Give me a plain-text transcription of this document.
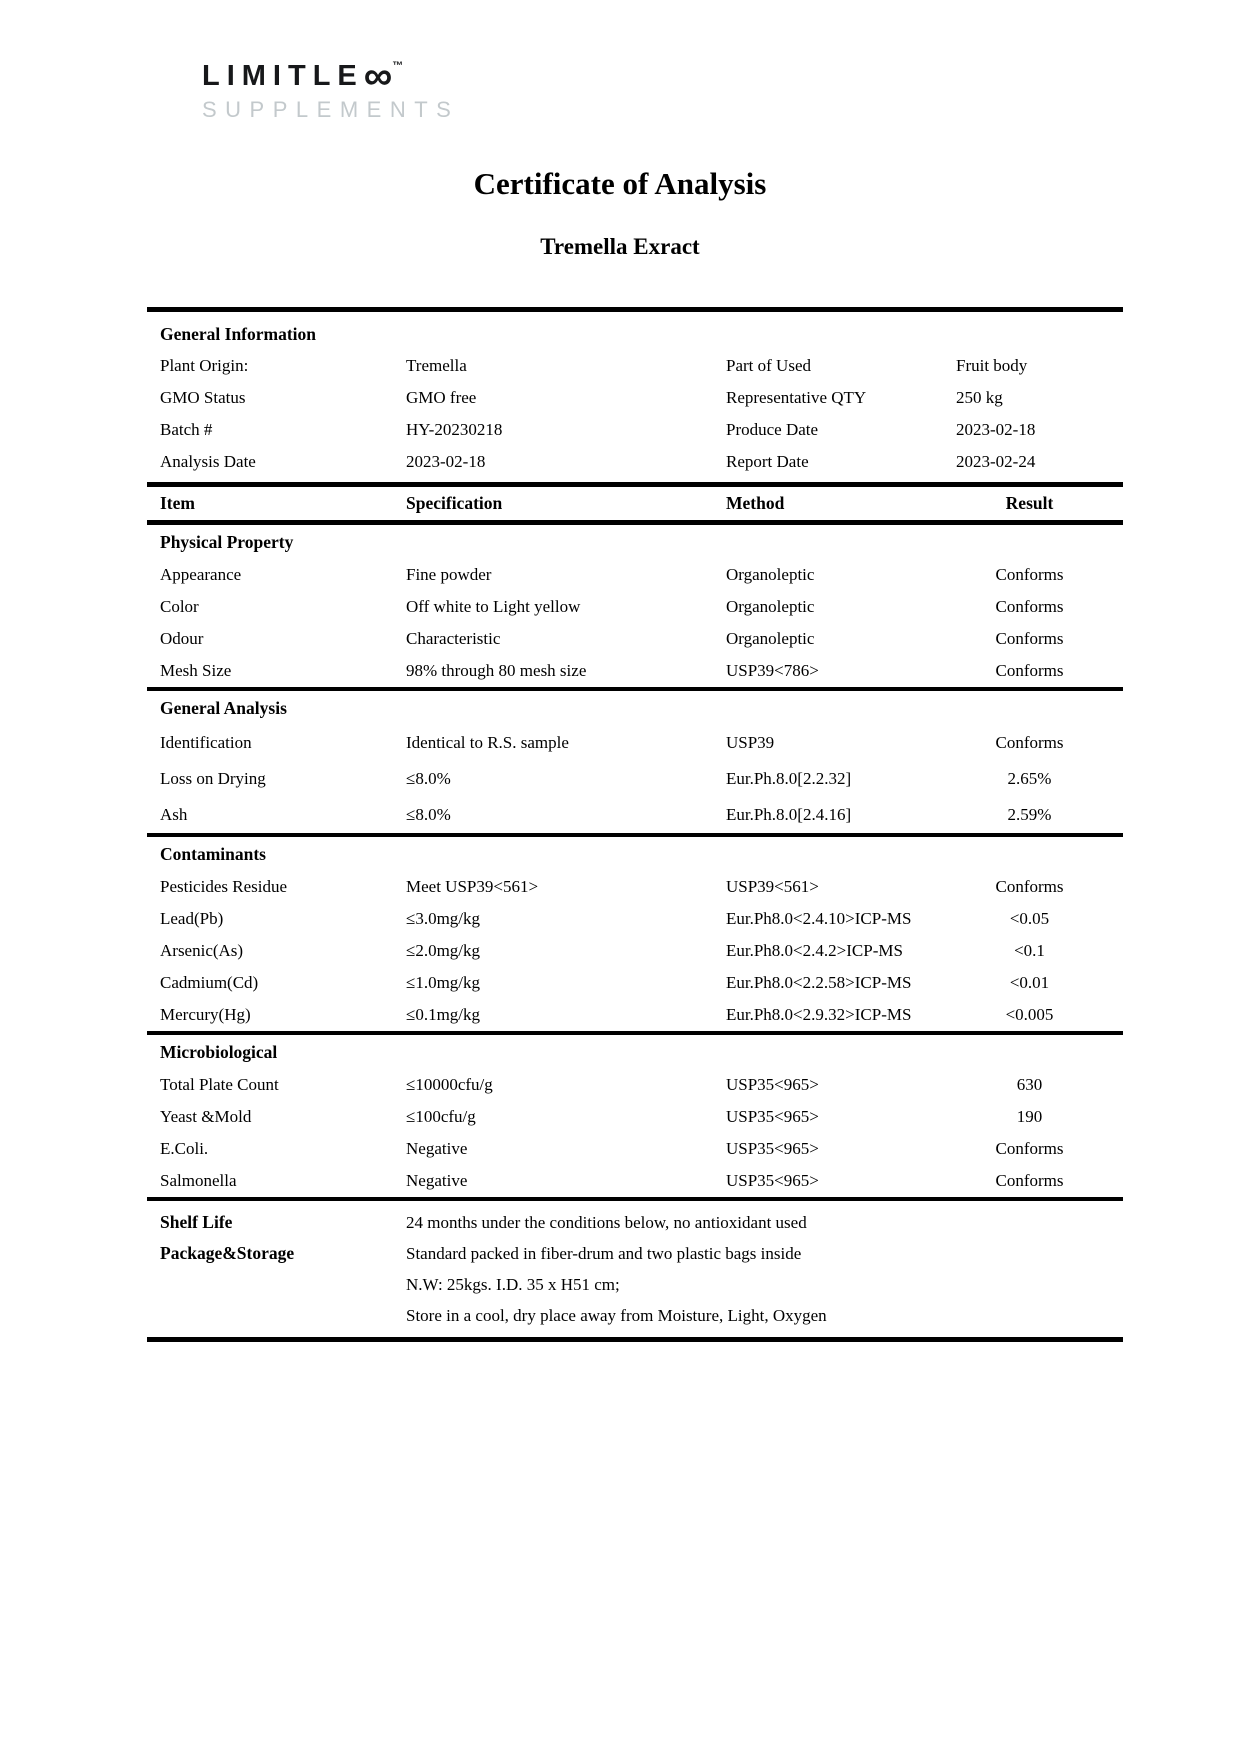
LIMITLE∞™
SUPPLEMENTS
Certificate of Analysis
Tremella Exract
General Information
Plant Origin:	Tremella	Part of Used	Fruit body
GMO Status	GMO free	Representative QTY	250 kg
Batch #	HY-20230218	Produce Date	2023-02-18
Analysis Date	2023-02-18	Report Date	2023-02-24
Item	Specification	Method	Result
Physical Property
Appearance	Fine powder	Organoleptic	Conforms
Color	Off white to Light yellow	Organoleptic	Conforms
Odour	Characteristic	Organoleptic	Conforms
Mesh Size	98% through 80 mesh size	USP39<786>	Conforms
General Analysis
Identification	Identical to R.S. sample	USP39	Conforms
Loss on Drying	≤8.0%	Eur.Ph.8.0[2.2.32]	2.65%
Ash	≤8.0%	Eur.Ph.8.0[2.4.16]	2.59%
Contaminants
Pesticides Residue	Meet USP39<561>	USP39<561>	Conforms
Lead(Pb)	≤3.0mg/kg	Eur.Ph8.0<2.4.10>ICP-MS	<0.05
Arsenic(As)	≤2.0mg/kg	Eur.Ph8.0<2.4.2>ICP-MS	<0.1
Cadmium(Cd)	≤1.0mg/kg	Eur.Ph8.0<2.2.58>ICP-MS	<0.01
Mercury(Hg)	≤0.1mg/kg	Eur.Ph8.0<2.9.32>ICP-MS	<0.005
Microbiological
Total Plate Count	≤10000cfu/g	USP35<965>	630
Yeast &Mold	≤100cfu/g	USP35<965>	190
E.Coli.	Negative	USP35<965>	Conforms
Salmonella	Negative	USP35<965>	Conforms
Shelf Life	24 months under the conditions below, no antioxidant used
Package&Storage	Standard packed in fiber-drum and two plastic bags inside
N.W: 25kgs. I.D. 35 x H51 cm;
Store in a cool, dry place away from Moisture, Light, Oxygen
